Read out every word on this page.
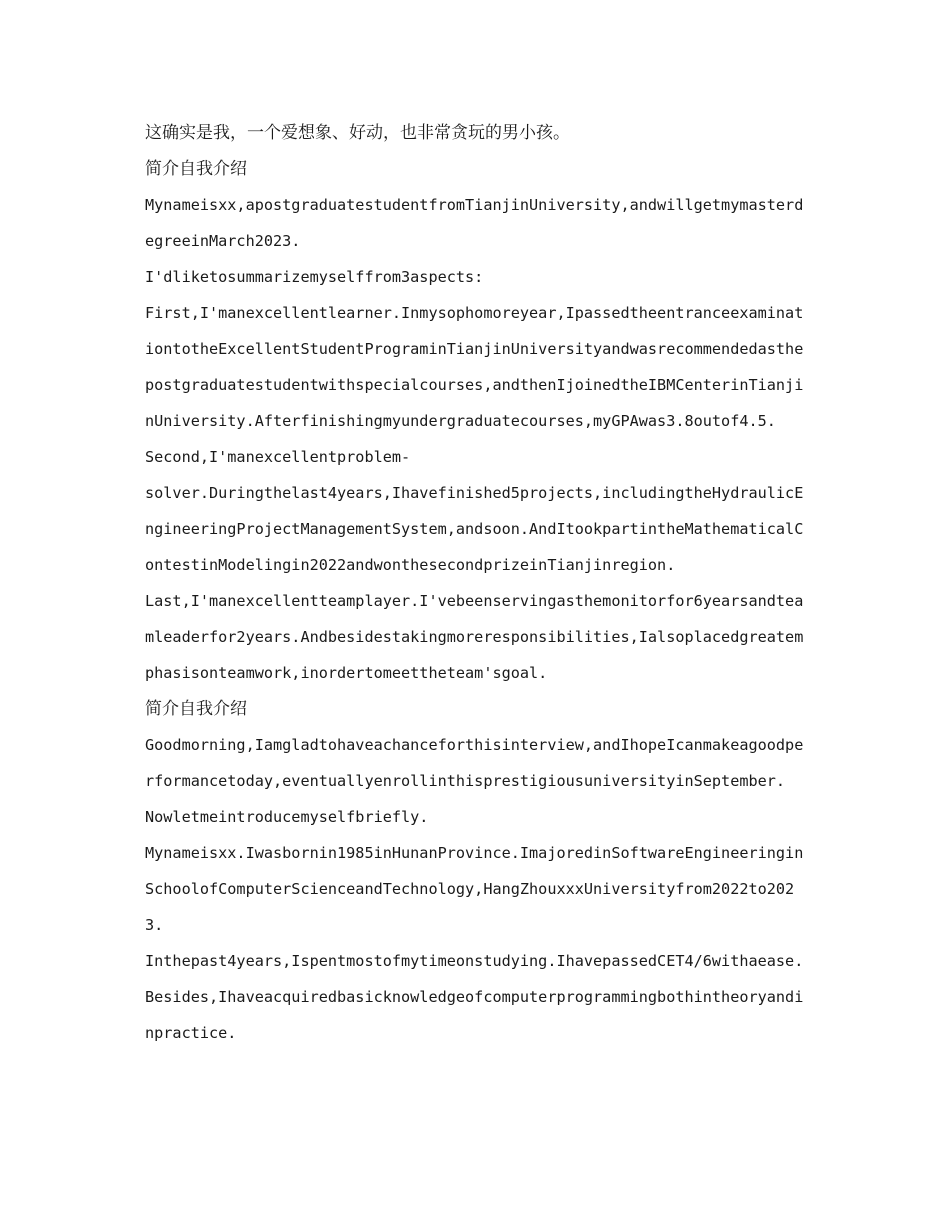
这确实是我，一个爱想象、好动，也非常贪玩的男小孩。

简介自我介绍

Mynameisxx,apostgraduatestudentfromTianjinUniversity,andwillgetmymasterdegreeinMarch2023.

I'dliketosummarizemyselffrom3aspects:

First,I'manexcellentlearner.Inmysophomoreyear,IpassedtheentranceexaminationtotheExcellentStudentPrograminTianjinUniversityandwasrecommendedasthepostgraduatestudentwithspecialcourses,andthenIjoinedtheIBMCenterinTianjinUniversity.Afterfinishingmyundergraduatecourses,myGPAwas3.8outof4.5.

Second,I'manexcellentproblem-

solver.Duringthelast4years,Ihavefinished5projects,includingtheHydraulicEngineeringProjectManagementSystem,andsoon.AndItookpartintheMathematicalContestinModelingin2022andwonthesecondprizeinTianjinregion.

Last,I'manexcellentteamplayer.I'vebeenservingasthemonitorfor6yearsandteamleaderfor2years.Andbesidestakingmoreresponsibilities,Ialsoplacedgreatemphasisonteamwork,inordertomeettheteam'sgoal.

简介自我介绍

Goodmorning,Iamgladtohaveachanceforthisinterview,andIhopeIcanmakeagoodperformancetoday,eventuallyenrollinthisprestigiousuniversityinSeptember.

Nowletmeintroducemyselfbriefly.

Mynameisxx.Iwasbornin1985inHunanProvince.ImajoredinSoftwareEngineeringinSchoolofComputerScienceandTechnology,HangZhouxxxUniversityfrom2022to2023.

Inthepast4years,Ispentmostofmytimeonstudying.IhavepassedCET4/6withaease.Besides,Ihaveacquiredbasicknowledgeofcomputerprogrammingbothintheoryandinpractice.
